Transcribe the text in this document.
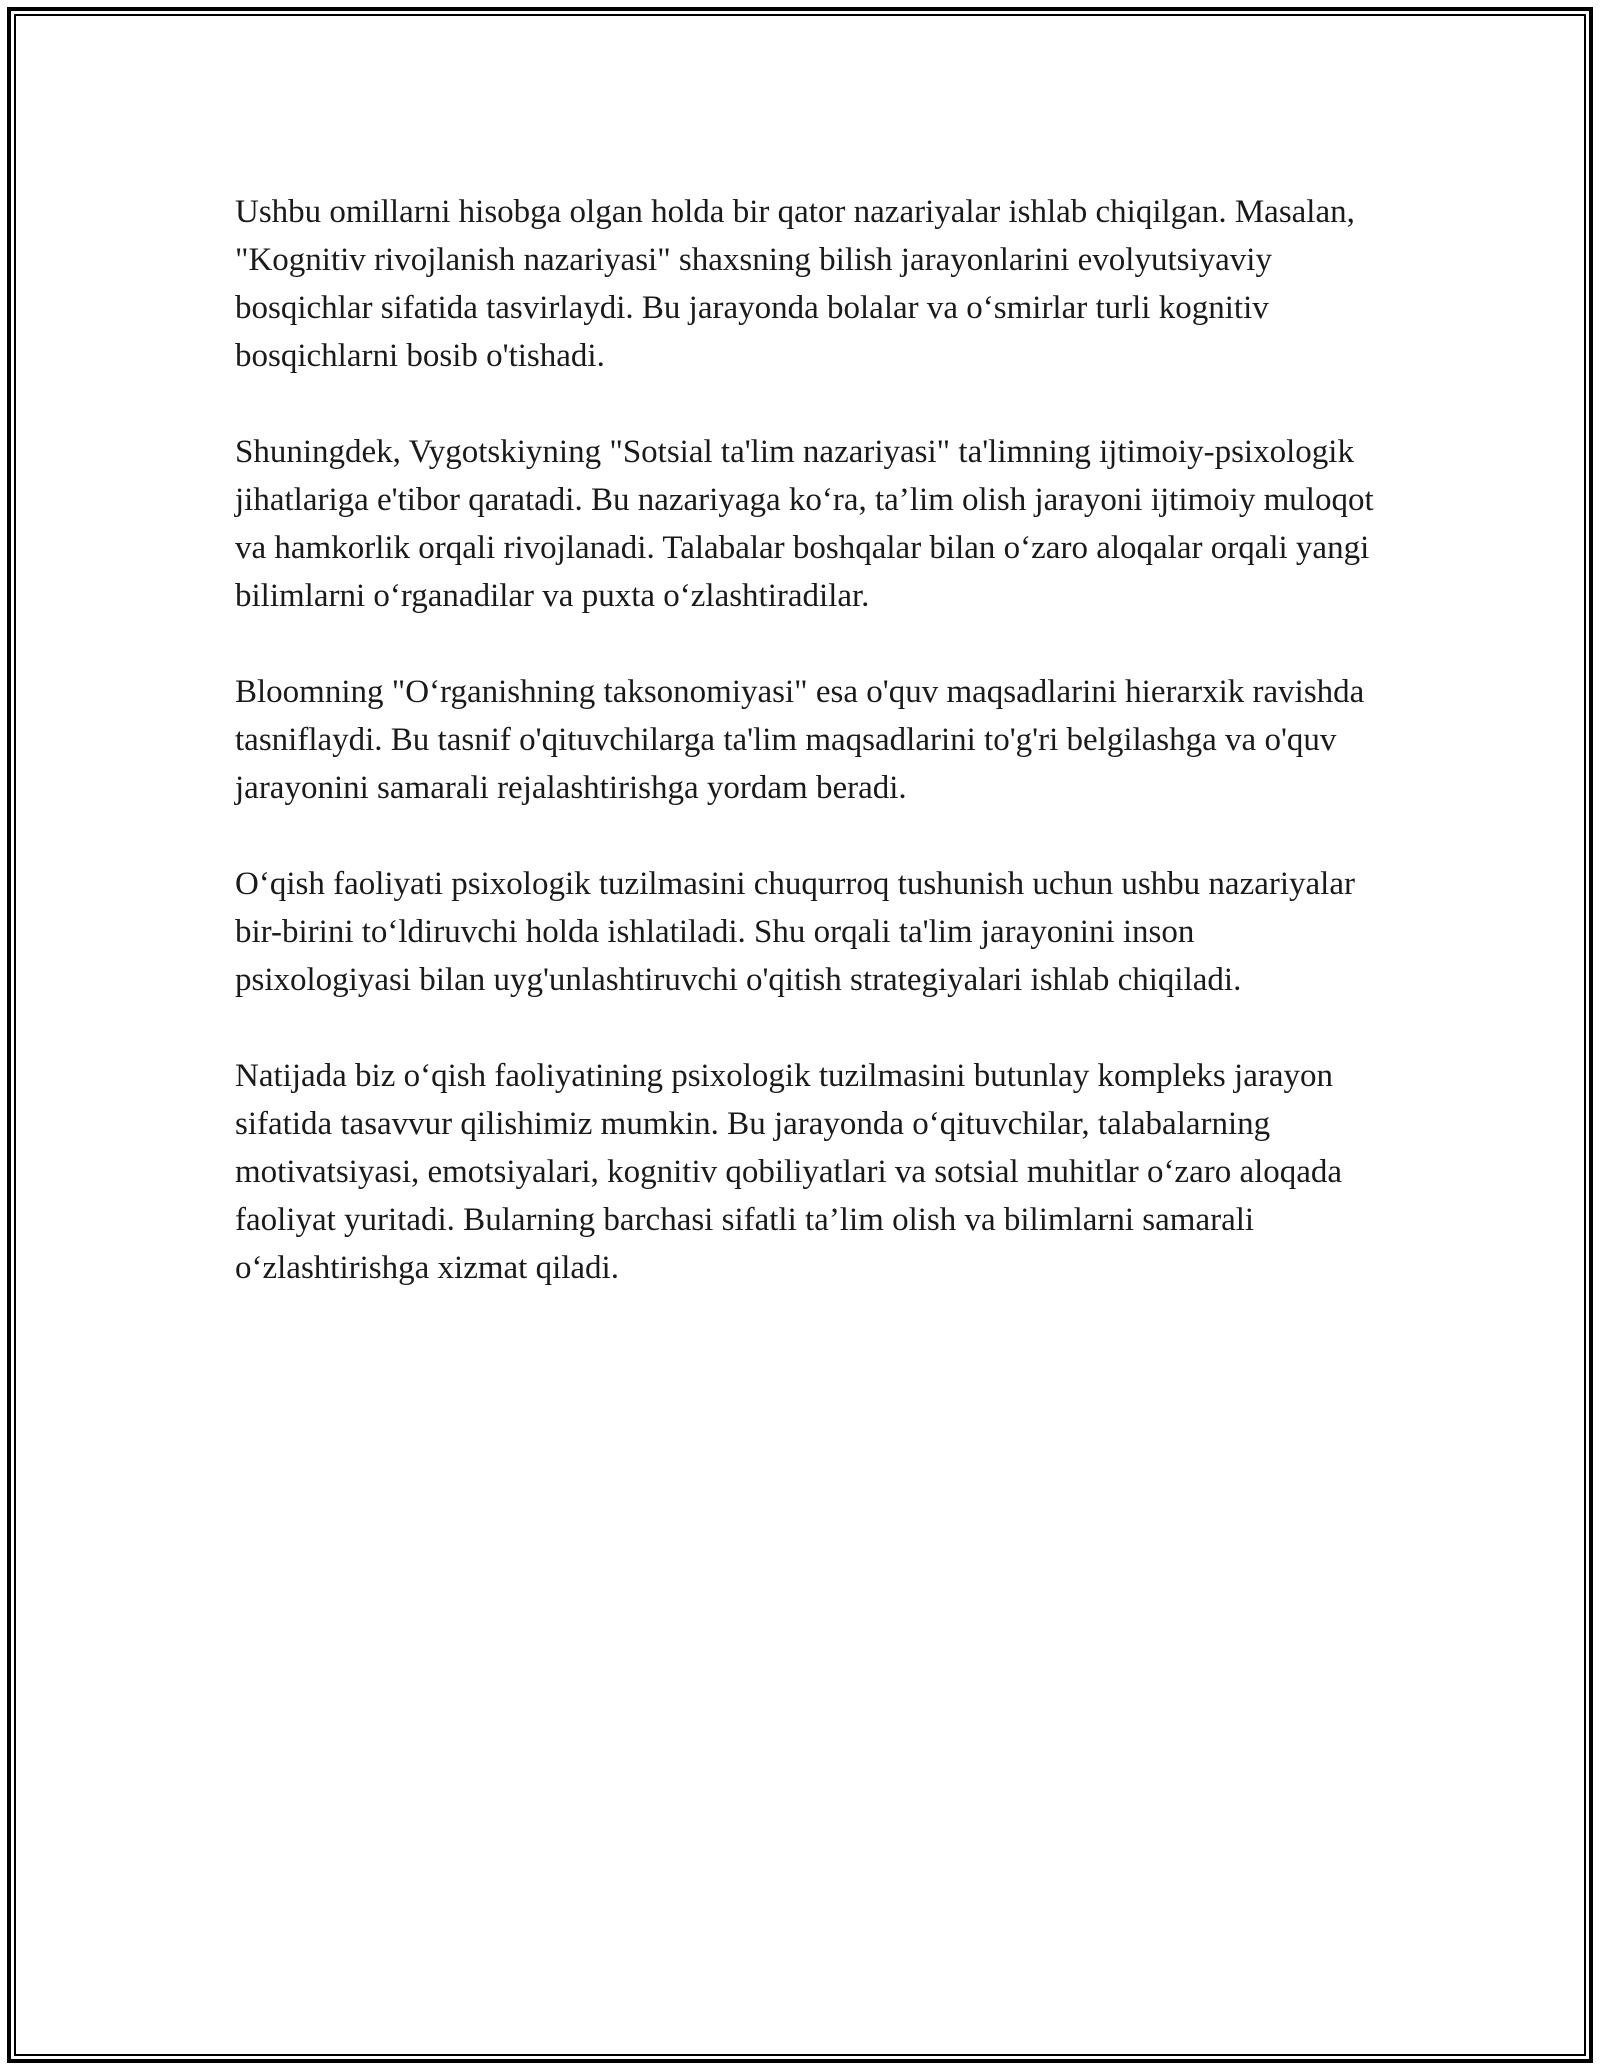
Ushbu omillarni hisobga olgan holda bir qator nazariyalar ishlab chiqilgan. Masalan, "Kognitiv rivojlanish nazariyasi" shaxsning bilish jarayonlarini evolyutsiyaviy bosqichlar sifatida tasvirlaydi. Bu jarayonda bolalar va o‘smirlar turli kognitiv bosqichlarni bosib o'tishadi.

Shuningdek, Vygotskiyning "Sotsial ta'lim nazariyasi" ta'limning ijtimoiy-psixologik jihatlariga e'tibor qaratadi. Bu nazariyaga ko‘ra, ta’lim olish jarayoni ijtimoiy muloqot va hamkorlik orqali rivojlanadi. Talabalar boshqalar bilan o‘zaro aloqalar orqali yangi bilimlarni o‘rganadilar va puxta o‘zlashtiradilar.

Bloomning "O‘rganishning taksonomiyasi" esa o'quv maqsadlarini hierarxik ravishda tasniflaydi. Bu tasnif o'qituvchilarga ta'lim maqsadlarini to'g'ri belgilashga va o'quv jarayonini samarali rejalashtirishga yordam beradi.

O‘qish faoliyati psixologik tuzilmasini chuqurroq tushunish uchun ushbu nazariyalar bir-birini to‘ldiruvchi holda ishlatiladi. Shu orqali ta'lim jarayonini inson psixologiyasi bilan uyg'unlashtiruvchi o'qitish strategiyalari ishlab chiqiladi.

Natijada biz o‘qish faoliyatining psixologik tuzilmasini butunlay kompleks jarayon sifatida tasavvur qilishimiz mumkin. Bu jarayonda o‘qituvchilar, talabalarning motivatsiyasi, emotsiyalari, kognitiv qobiliyatlari va sotsial muhitlar o‘zaro aloqada faoliyat yuritadi. Bularning barchasi sifatli ta’lim olish va bilimlarni samarali o‘zlashtirishga xizmat qiladi.
